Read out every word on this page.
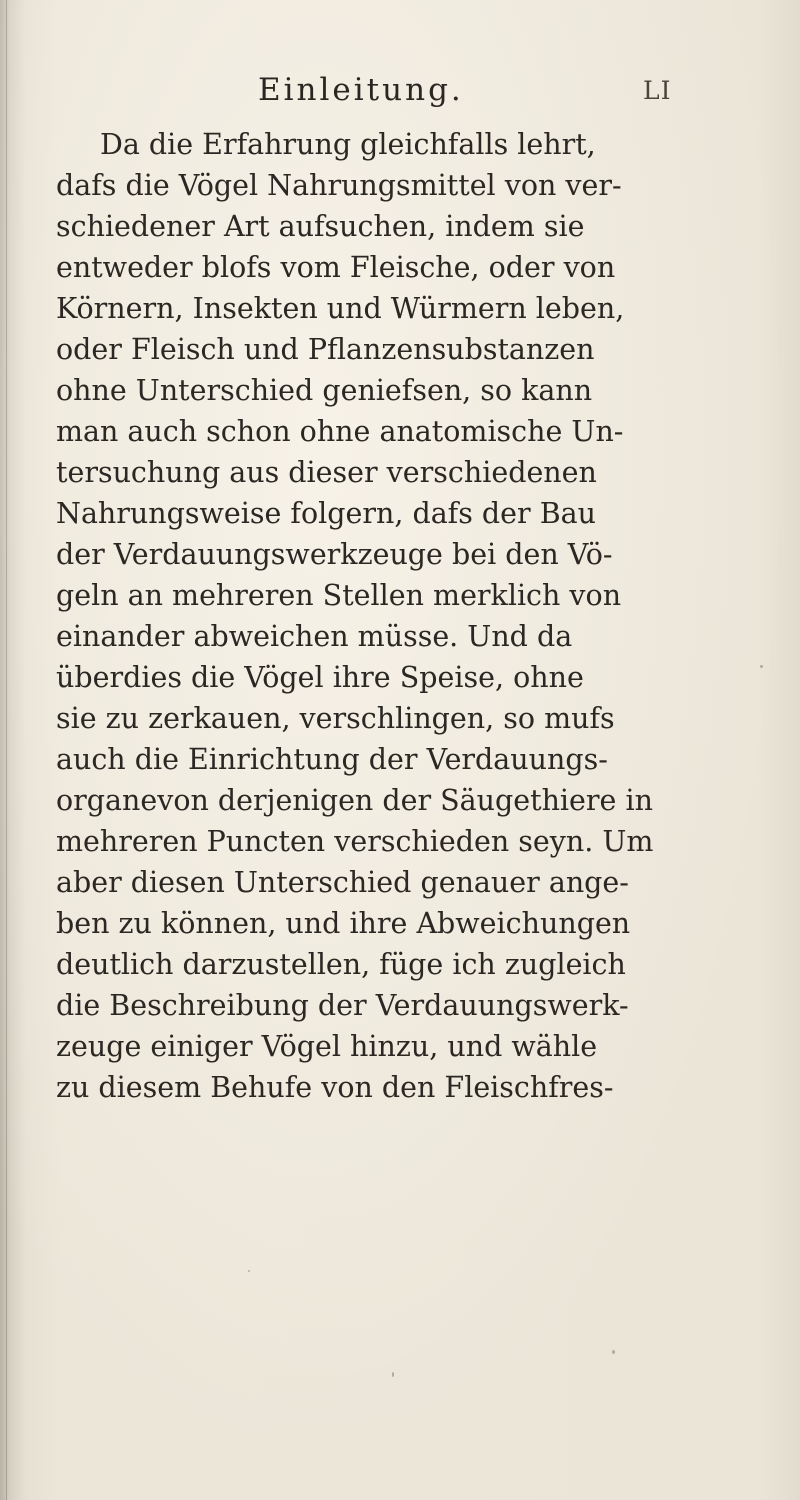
Einleitung.	LI
Da die Erfahrung gleichfalls lehrt,
dafs die Vögel Nahrungsmittel von ver-
schiedener Art aufsuchen, indem sie
entweder blofs vom Fleische, oder von
Körnern, Insekten und Würmern leben,
oder Fleisch und Pflanzensubstanzen
ohne Unterschied geniefsen, so kann
man auch schon ohne anatomische Un-
tersuchung aus dieser verschiedenen
Nahrungsweise folgern, dafs der Bau
der Verdauungswerkzeuge bei den Vö-
geln an mehreren Stellen merklich von
einander abweichen müsse. Und da
überdies die Vögel ihre Speise, ohne
sie zu zerkauen, verschlingen, so mufs
auch die Einrichtung der Verdauungs-
organevon derjenigen der Säugethiere in
mehreren Puncten verschieden seyn. Um
aber diesen Unterschied genauer ange-
ben zu können, und ihre Abweichungen
deutlich darzustellen, füge ich zugleich
die Beschreibung der Verdauungswerk-
zeuge einiger Vögel hinzu, und wähle
zu diesem Behufe von den Fleischfres-
